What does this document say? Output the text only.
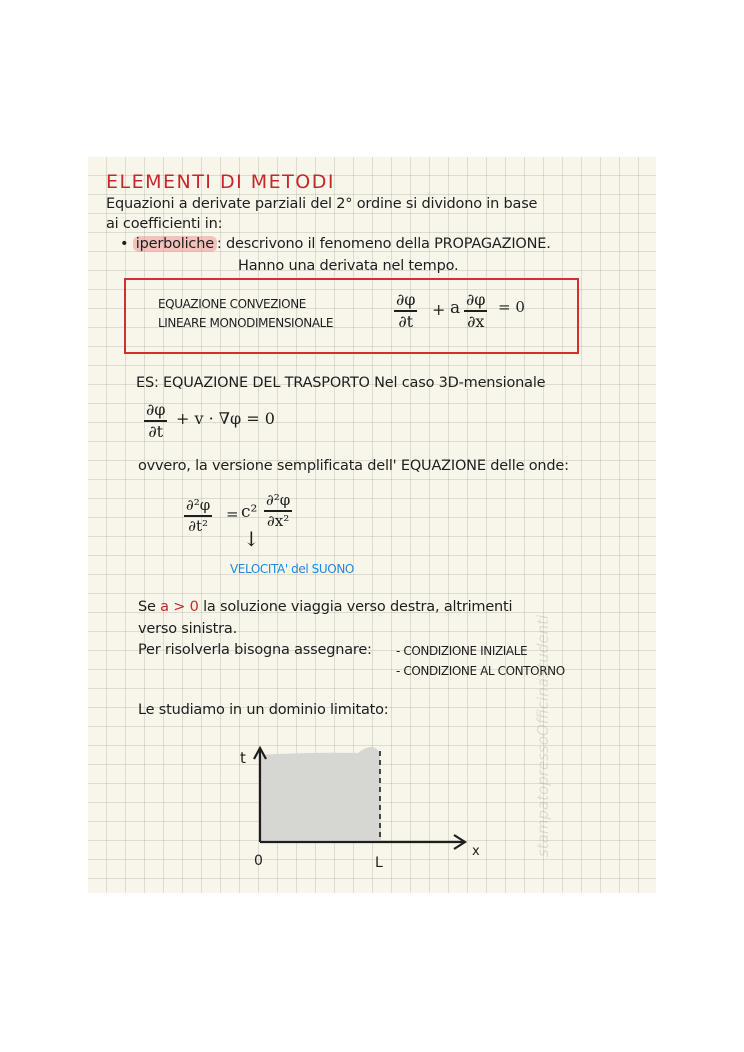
ELEMENTI DI METODI
Equazioni a derivate parziali del 2° ordine si dividono in base
ai coefficienti in:
• iperboliche : descrivono il fenomeno della PROPAGAZIONE.
Hanno una derivata nel tempo.
EQUAZIONE CONVEZIONE
LINEARE MONODIMENSIONALE	$\frac{\partial\varphi}{\partial t} + a \frac{\partial\varphi}{\partial x} = 0$
ES: EQUAZIONE DEL TRASPORTO Nel caso 3D-mensionale
$\frac{\partial\varphi}{\partial t} + v \cdot \nabla\varphi = 0$
ovvero, la versione semplificata dell' EQUAZIONE delle onde:
$\frac{\text{∂²φ}}{\text{∂t²}} = c^2 \frac{\text{∂²φ}}{\text{∂x²}}$
↓
VELOCITA' del SUONO
Se a > 0 la soluzione viaggia verso destra, altrimenti
verso sinistra.
Per risolverla bisogna assegnare: - CONDIZIONE INIZIALE
- CONDIZIONE AL CONTORNO
Le studiamo in un dominio limitato:
t
x
0	L
stampatopressoOfficinaStudenti
